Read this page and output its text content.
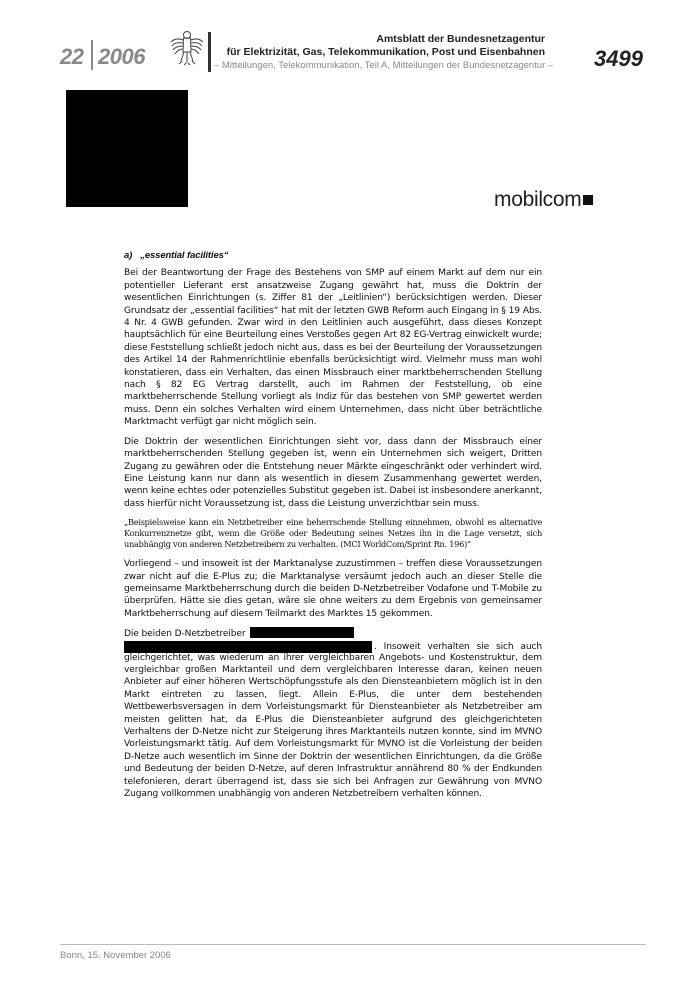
22 2006
Amtsblatt der Bundesnetzagentur
für Elektrizität, Gas, Telekommunikation, Post und Eisenbahnen
– Mitteilungen, Telekommunikation, Teil A, Mitteilungen der Bundesnetzagentur – 3499
mobilcom

a) „essential facilities“

Bei der Beantwortung der Frage des Bestehens von SMP auf einem Markt auf dem nur ein potentieller Lieferant erst ansatzweise Zugang gewährt hat, muss die Doktrin der wesentlichen Einrichtungen (s. Ziffer 81 der „Leitlinien“) berücksichtigen werden. Dieser Grundsatz der „essential facilities“ hat mit der letzten GWB Reform auch Eingang in § 19 Abs. 4 Nr. 4 GWB gefunden. Zwar wird in den Leitlinien auch ausgeführt, dass dieses Konzept hauptsächlich für eine Beurteilung eines Verstoßes gegen Art 82 EG-Vertrag einwickelt wurde; diese Feststellung schließt jedoch nicht aus, dass es bei der Beurteilung der Voraussetzungen des Artikel 14 der Rahmenrichtlinie ebenfalls berücksichtigt wird. Vielmehr muss man wohl konstatieren, dass ein Verhalten, das einen Missbrauch einer marktbeherrschenden Stellung nach § 82 EG Vertrag darstellt, auch im Rahmen der Feststellung, ob eine marktbeherrschende Stellung vorliegt als Indiz für das bestehen von SMP gewertet werden muss. Denn ein solches Verhalten wird einem Unternehmen, dass nicht über beträchtliche Marktmacht verfügt gar nicht möglich sein.

Die Doktrin der wesentlichen Einrichtungen sieht vor, dass dann der Missbrauch einer marktbeherrschenden Stellung gegeben ist, wenn ein Unternehmen sich weigert, Dritten Zugang zu gewähren oder die Entstehung neuer Märkte eingeschränkt oder verhindert wird. Eine Leistung kann nur dann als wesentlich in diesem Zusammenhang gewertet werden, wenn keine echtes oder potenzielles Substitut gegeben ist. Dabei ist insbesondere anerkannt, dass hierfür nicht Voraussetzung ist, dass die Leistung unverzichtbar sein muss.

„Beispielsweise kann ein Netzbetreiber eine beherrschende Stellung einnehmen, obwohl es alternative Konkurrenznetze gibt, wenn die Größe oder Bedeutung seines Netzes ihn in die Lage versetzt, sich unabhängig von anderen Netzbetreibern zu verhalten. (MCI WorldCom/Sprint Rn. 196)“

Vorliegend – und insoweit ist der Marktanalyse zuzustimmen – treffen diese Voraussetzungen zwar nicht auf die E-Plus zu; die Marktanalyse versäumt jedoch auch an dieser Stelle die gemeinsame Marktbeherrschung durch die beiden D-Netzbetreiber Vodafone und T-Mobile zu überprüfen. Hätte sie dies getan, wäre sie ohne weiters zu dem Ergebnis von gemeinsamer Marktbeherrschung auf diesem Teilmarkt des Marktes 15 gekommen.

Die beiden D-Netzbetreiber

. Insoweit verhalten sie sich auch

gleichgerichtet, was wiederum an ihrer vergleichbaren Angebots- und Kostenstruktur, dem vergleichbar großen Marktanteil und dem vergleichbaren Interesse daran, keinen neuen Anbieter auf einer höheren Wertschöpfungsstufe als den Diensteanbietern möglich ist in den Markt eintreten zu lassen, liegt. Allein E-Plus, die unter dem bestehenden Wettbewerbsversagen in dem Vorleistungsmarkt für Diensteanbieter als Netzbetreiber am meisten gelitten hat, da E-Plus die Diensteanbieter aufgrund des gleichgerichteten Verhaltens der D-Netze nicht zur Steigerung ihres Marktanteils nutzen konnte, sind im MVNO Vorleistungsmarkt tätig. Auf dem Vorleistungsmarkt für MVNO ist die Vorleistung der beiden D-Netze auch wesentlich im Sinne der Doktrin der wesentlichen Einrichtungen, da die Größe und Bedeutung der beiden D-Netze, auf deren Infrastruktur annährend 80 % der Endkunden telefonieren, derart überragend ist, dass sie sich bei Anfragen zur Gewährung von MVNO Zugang vollkommen unabhängig von anderen Netzbetreibern verhalten können.

Bonn, 15. November 2006
